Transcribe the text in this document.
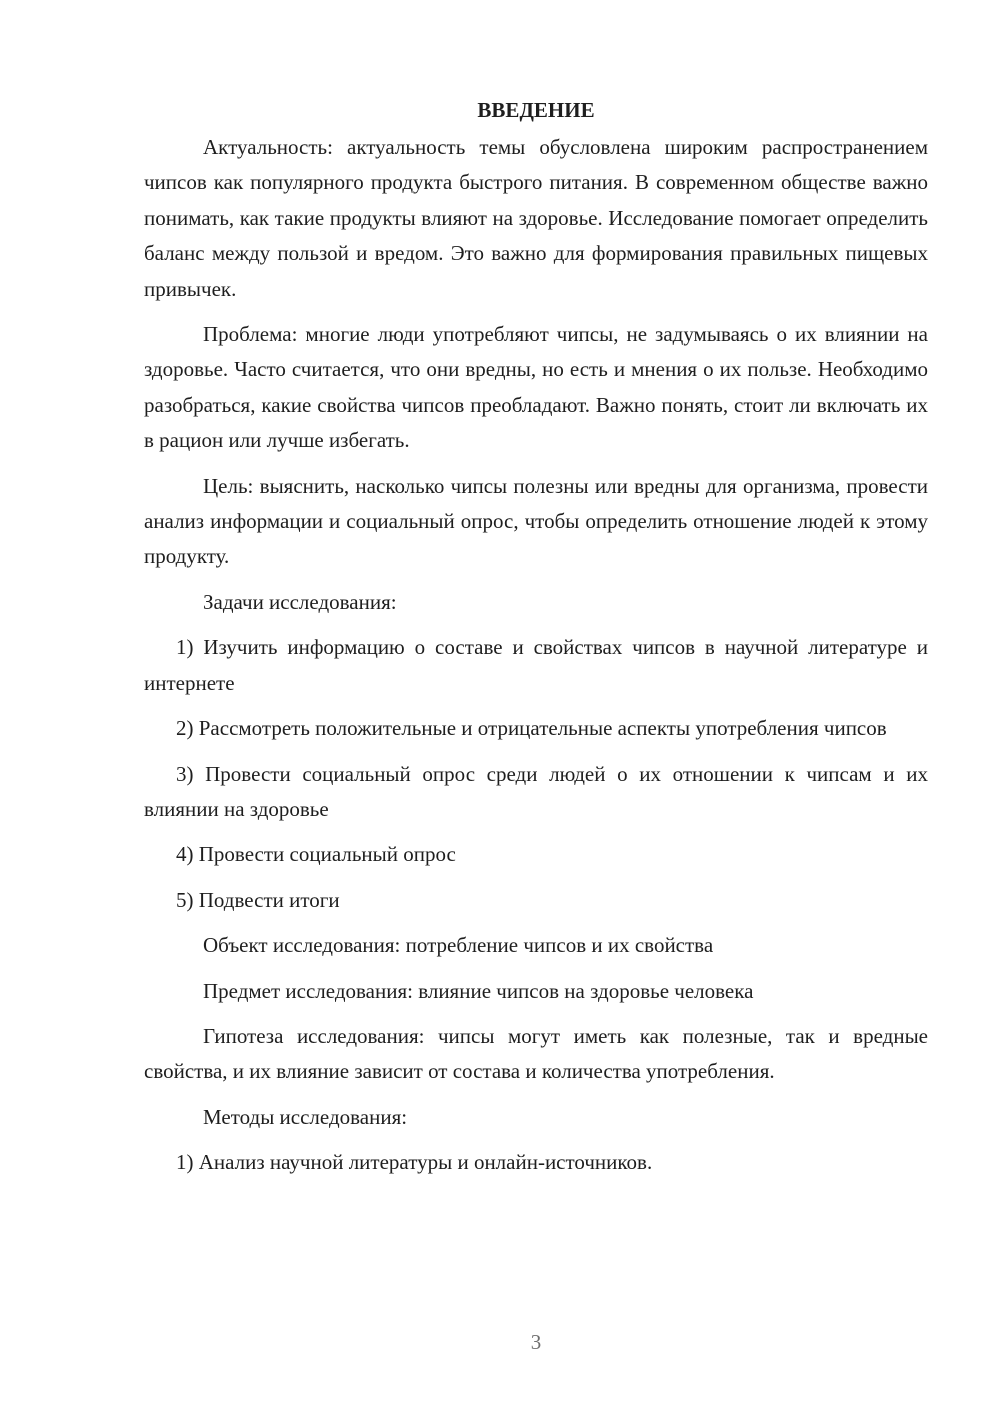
ВВЕДЕНИЕ

Актуальность: актуальность темы обусловлена широким распространением чипсов как популярного продукта быстрого питания. В современном обществе важно понимать, как такие продукты влияют на здоровье. Исследование помогает определить баланс между пользой и вредом. Это важно для формирования правильных пищевых привычек.

Проблема: многие люди употребляют чипсы, не задумываясь о их влиянии на здоровье. Часто считается, что они вредны, но есть и мнения о их пользе. Необходимо разобраться, какие свойства чипсов преобладают. Важно понять, стоит ли включать их в рацион или лучше избегать.

Цель: выяснить, насколько чипсы полезны или вредны для организма, провести анализ информации и социальный опрос, чтобы определить отношение людей к этому продукту.

Задачи исследования:

1) Изучить информацию о составе и свойствах чипсов в научной литературе и интернете

2) Рассмотреть положительные и отрицательные аспекты употребления чипсов

3) Провести социальный опрос среди людей о их отношении к чипсам и их влиянии на здоровье

4) Провести социальный опрос

5) Подвести итоги

Объект исследования: потребление чипсов и их свойства

Предмет исследования: влияние чипсов на здоровье человека

Гипотеза исследования: чипсы могут иметь как полезные, так и вредные свойства, и их влияние зависит от состава и количества употребления.

Методы исследования:

1) Анализ научной литературы и онлайн-источников.

3
